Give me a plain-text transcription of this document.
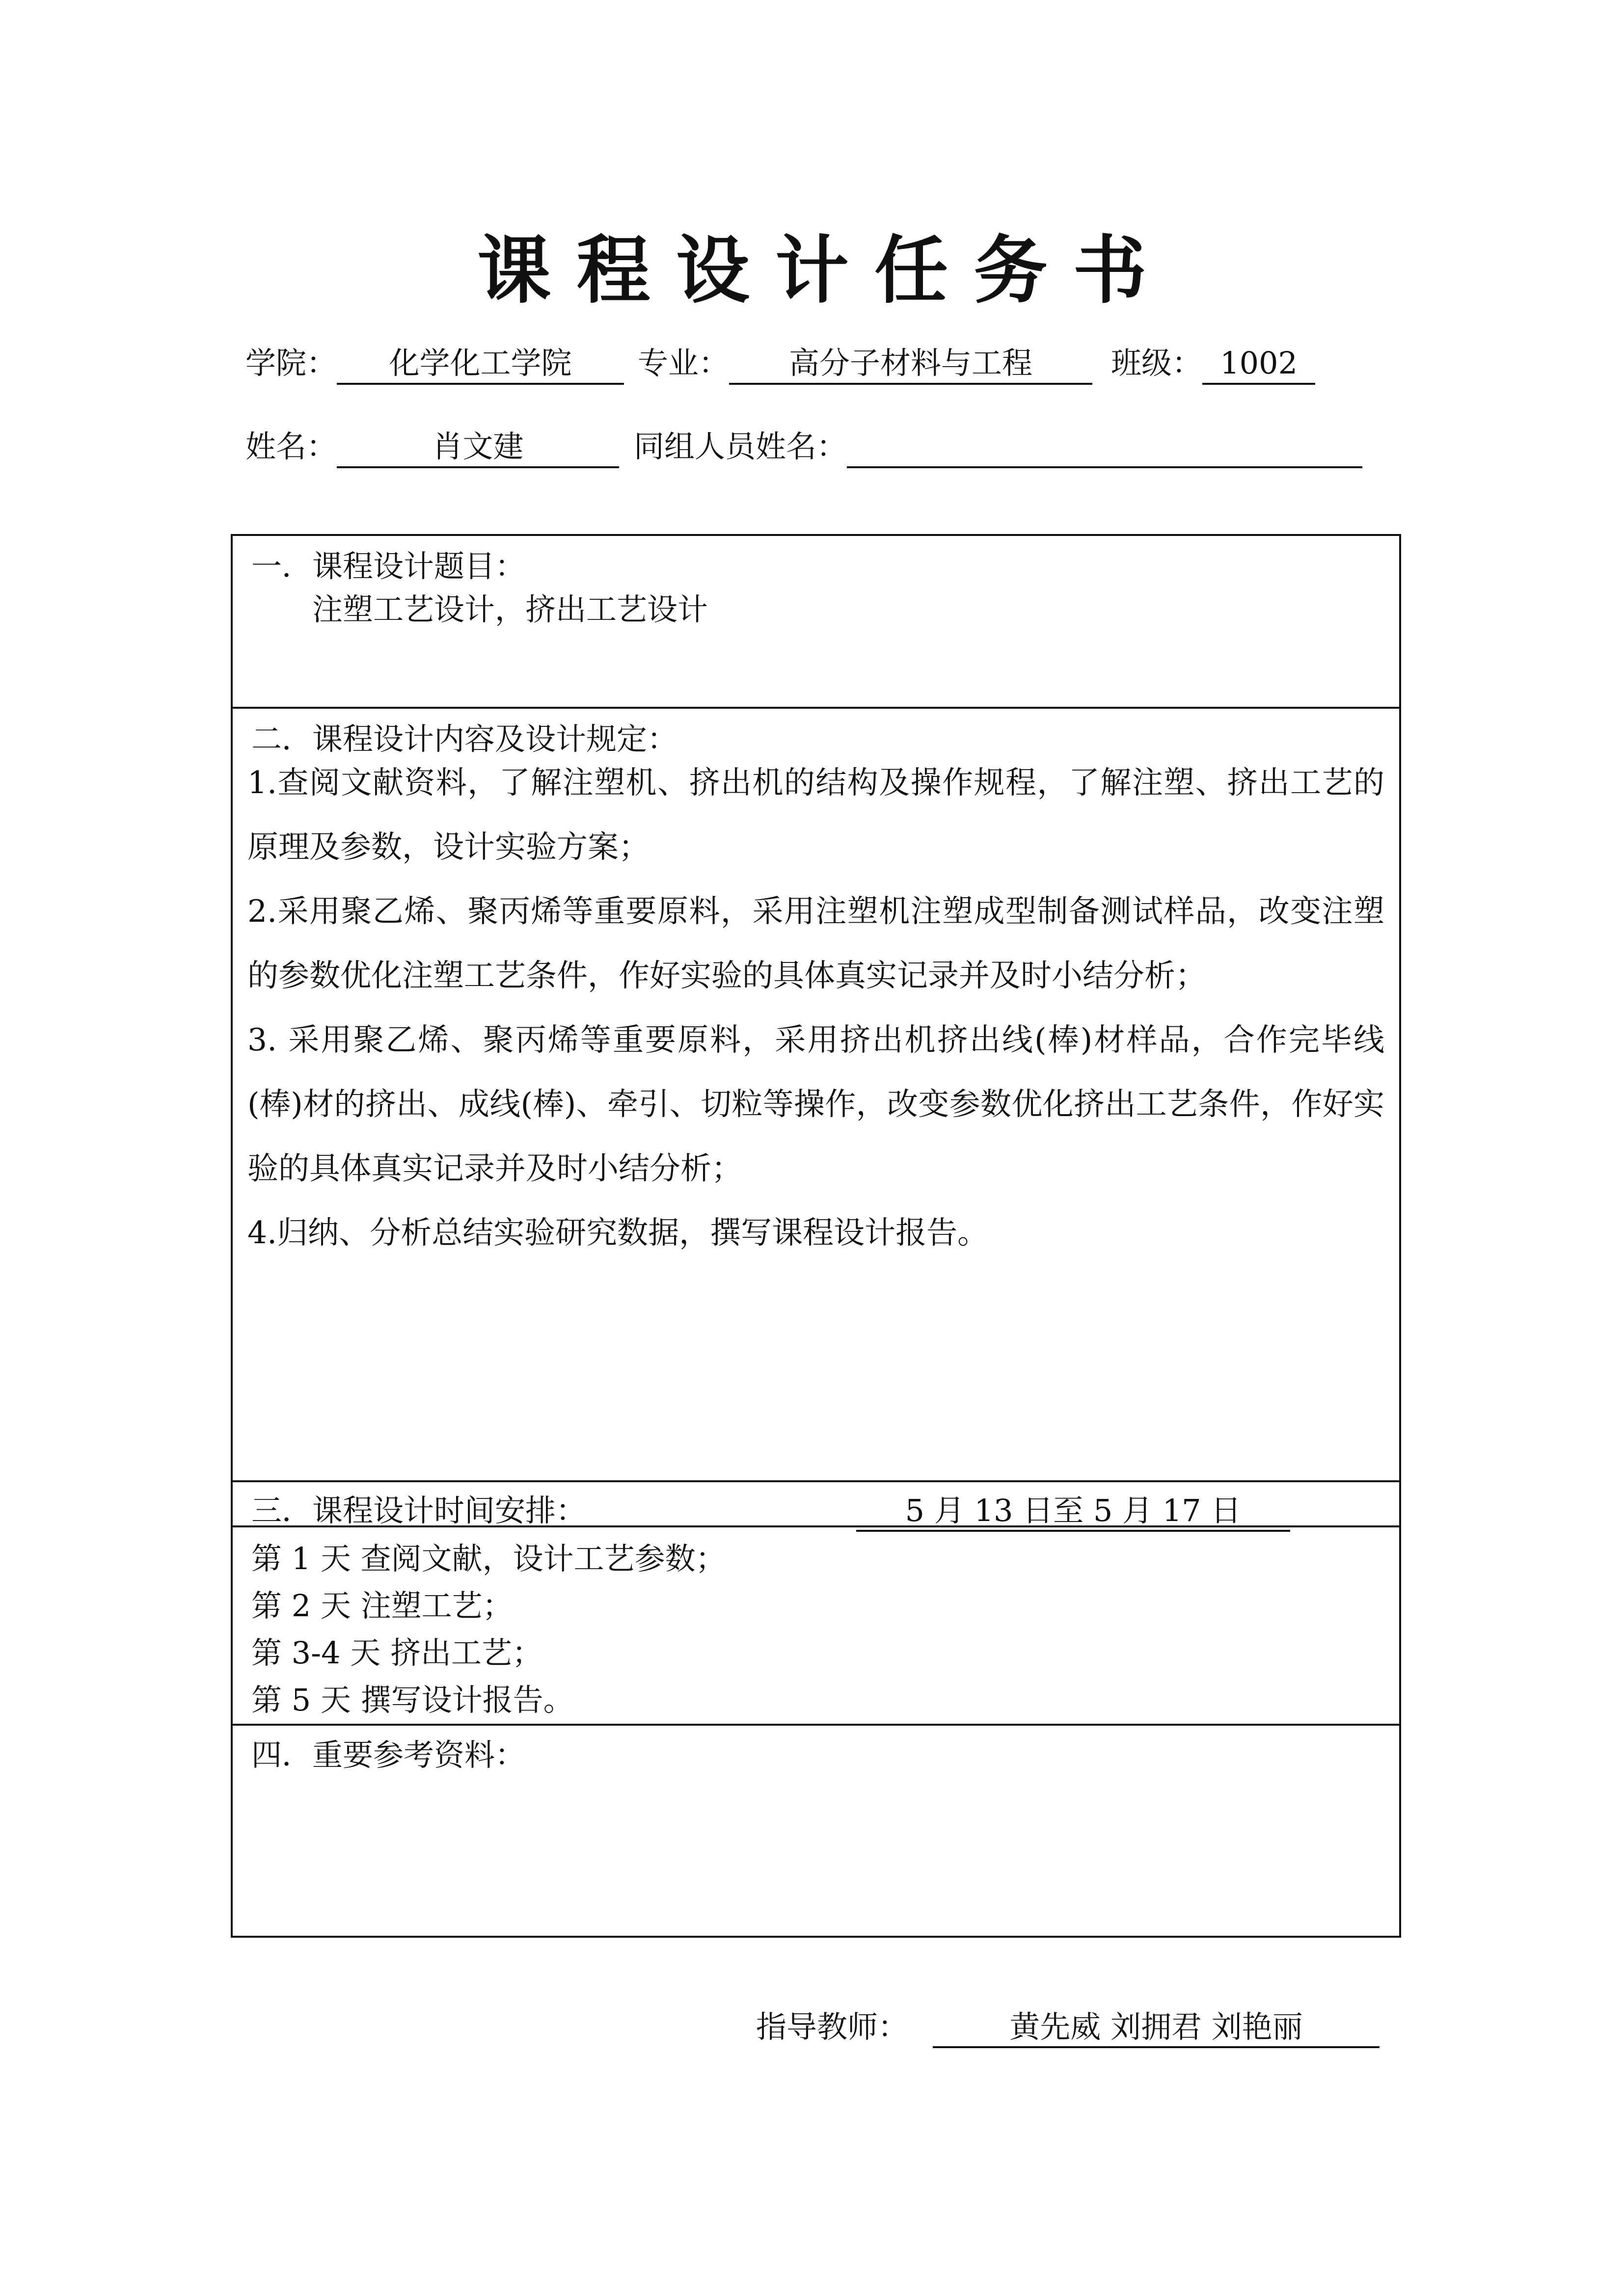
课 程 设 计 任 务 书
学院： 化学化工学院 专业： 高分子材料与工程	班级： 1002
姓名：	肖文建	同组人员姓名：
一．课程设计题目：
注塑工艺设计，挤出工艺设计
二．课程设计内容及设计规定：

1.查阅文献资料，了解注塑机、挤出机的结构及操作规程，了解注塑、挤出工艺的原理及参数，设计实验方案；

2.采用聚乙烯、聚丙烯等重要原料，采用注塑机注塑成型制备测试样品，改变注塑的参数优化注塑工艺条件，作好实验的具体真实记录并及时小结分析；

3. 采用聚乙烯、聚丙烯等重要原料，采用挤出机挤出线(棒)材样品，合作完毕线(棒)材的挤出、成线(棒)、牵引、切粒等操作，改变参数优化挤出工艺条件，作好实验的具体真实记录并及时小结分析；

4.归纳、分析总结实验研究数据，撰写课程设计报告。

三．课程设计时间安排：	5 月 13 日至 5 月 17 日
第 1 天 查阅文献，设计工艺参数；
第 2 天 注塑工艺；
第 3-4 天 挤出工艺；
第 5 天 撰写设计报告。
四．重要参考资料：
指导教师：	黄先威 刘拥君 刘艳丽
